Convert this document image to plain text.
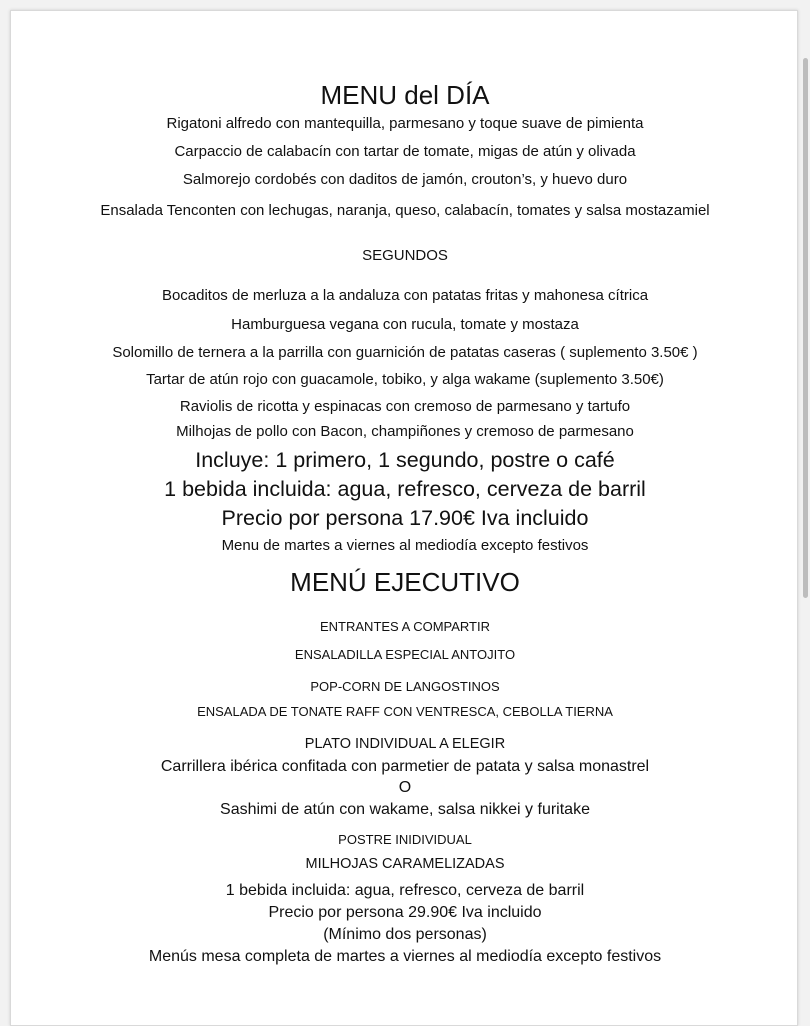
MENU del DÍA
Rigatoni alfredo con mantequilla, parmesano y toque suave de pimienta
Carpaccio de calabacín con tartar de tomate, migas de atún y olivada
Salmorejo cordobés con daditos de jamón, crouton’s, y huevo duro
Ensalada Tenconten con lechugas, naranja, queso, calabacín, tomates y salsa mostazamiel
SEGUNDOS
Bocaditos de merluza a la andaluza con patatas fritas y mahonesa cítrica
Hamburguesa vegana con rucula, tomate y mostaza
Solomillo de ternera a la parrilla con guarnición de patatas caseras ( suplemento 3.50€ )
Tartar de atún rojo con guacamole, tobiko, y alga wakame (suplemento 3.50€)
Raviolis de ricotta y espinacas con cremoso de parmesano y tartufo
Milhojas de pollo con Bacon, champiñones y cremoso de parmesano
Incluye: 1 primero, 1 segundo, postre o café
1 bebida incluida: agua, refresco, cerveza de barril
Precio por persona 17.90€ Iva incluido
Menu de martes a viernes al mediodía excepto festivos
MENÚ EJECUTIVO
ENTRANTES A COMPARTIR
ENSALADILLA ESPECIAL ANTOJITO
POP-CORN DE LANGOSTINOS
ENSALADA DE TONATE RAFF CON VENTRESCA, CEBOLLA TIERNA
PLATO INDIVIDUAL A ELEGIR
Carrillera ibérica confitada con parmetier de patata y salsa monastrel
O
Sashimi de atún con wakame, salsa nikkei y furitake
POSTRE INIDIVIDUAL
MILHOJAS CARAMELIZADAS
1 bebida incluida: agua, refresco, cerveza de barril
Precio por persona 29.90€ Iva incluido
(Mínimo dos personas)
Menús mesa completa de martes a viernes al mediodía excepto festivos
